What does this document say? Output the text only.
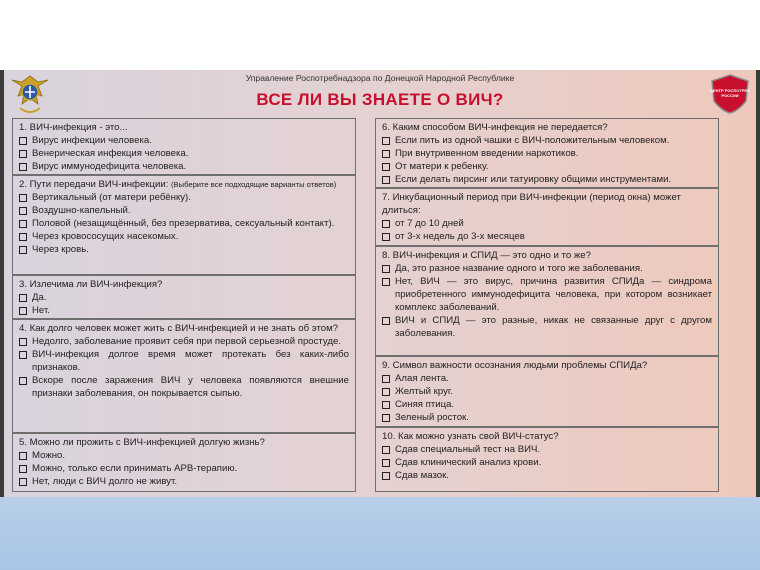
Управление Роспотребнадзора по Донецкой Народной Республике
ВСЕ ЛИ ВЫ ЗНАЕТЕ О ВИЧ?	ЦЕНТР РОСПОТРЕБ РОССИИ
1. ВИЧ-инфекция - это...
Вирус инфекции человека.
Венерическая инфекция человека.
Вирус иммунодефицита человека.
2. Пути передачи ВИЧ-инфекции: (Выберите все подходящие варианты ответов)
Вертикальный (от матери ребёнку).
Воздушно-капельный.
Половой (незащищённый, без презерватива, сексуальный контакт).
Через кровососущих насекомых.
Через кровь.
3. Излечима ли ВИЧ-инфекция?
Да.
Нет.
4. Как долго человек может жить с ВИЧ-инфекцией и не знать об этом?
Недолго, заболевание проявит себя при первой серьезной простуде.
ВИЧ-инфекция долгое время может протекать без каких-либо признаков.
Вскоре после заражения ВИЧ у человека появляются внешние признаки заболевания, он покрывается сыпью.
5. Можно ли прожить с ВИЧ-инфекцией долгую жизнь?
Можно.
Можно, только если принимать АРВ-терапию.
Нет, люди с ВИЧ долго не живут.
6. Каким способом ВИЧ-инфекция не передается?
Если пить из одной чашки с ВИЧ-положительным человеком.
При внутривенном введении наркотиков.
От матери к ребенку.
Если делать пирсинг или татуировку общими инструментами.
7. Инкубационный период при ВИЧ-инфекции (период окна) может длиться:
от 7 до 10 дней
от 3-х недель до 3-х месяцев
8. ВИЧ-инфекция и СПИД — это одно и то же?
Да, это разное название одного и того же заболевания.
Нет, ВИЧ — это вирус, причина развития СПИДа — синдрома приобретенного иммунодефицита человека, при котором возникает комплекс заболеваний.
ВИЧ и СПИД — это разные, никак не связанные друг с другом заболевания.
9. Символ важности осознания людьми проблемы СПИДа?
Алая лента.
Желтый круг.
Синяя птица.
Зеленый росток.
10. Как можно узнать свой ВИЧ-статус?
Сдав специальный тест на ВИЧ.
Сдав клинический анализ крови.
Сдав мазок.
